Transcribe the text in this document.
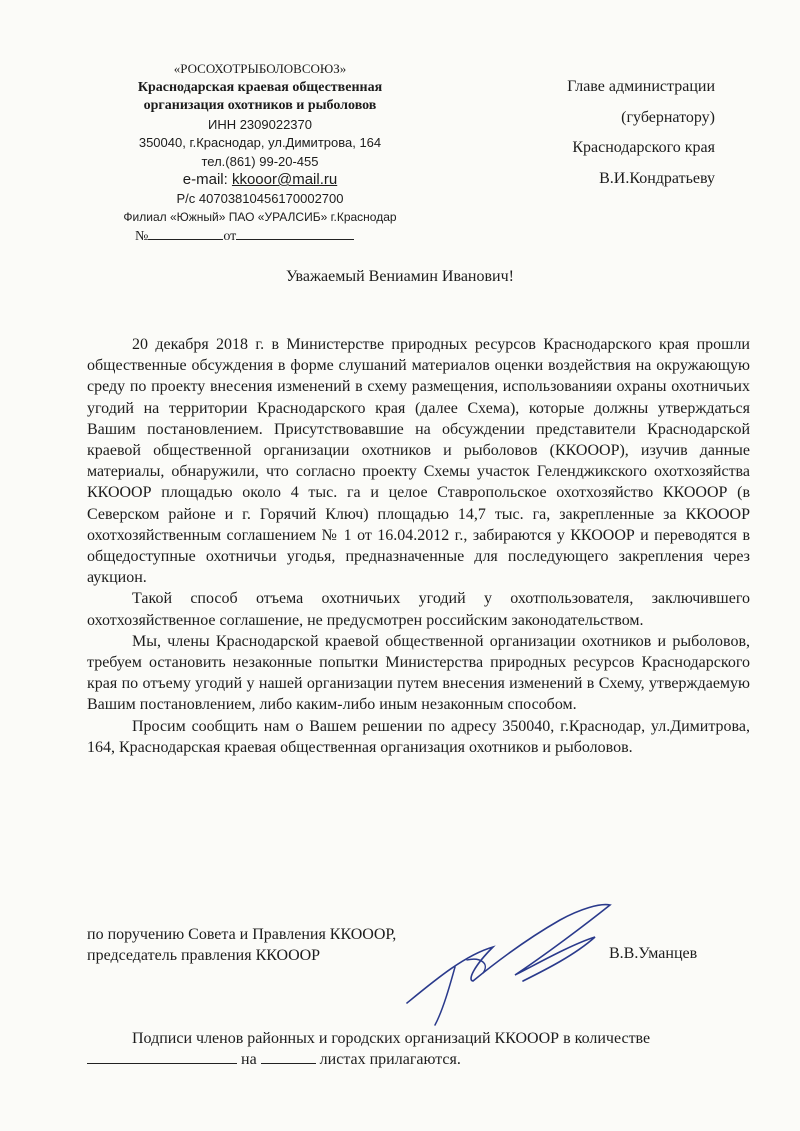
«РОСОХОТРЫБОЛОВСОЮЗ»
Краснодарская краевая общественная
организация охотников и рыболовов
ИНН 2309022370
350040, г.Краснодар, ул.Димитрова, 164
тел.(861) 99-20-455
e-mail: kkooor@mail.ru
Р/с 40703810456170002700
Филиал «Южный» ПАО «УРАЛСИБ» г.Краснодар
№	от
Главе администрации
(губернатору)
Краснодарского края
В.И.Кондратьеву
Уважаемый Вениамин Иванович!

20 декабря 2018 г. в Министерстве природных ресурсов Краснодарского края прошли общественные обсуждения в форме слушаний материалов оценки воздействия на окружающую среду по проекту внесения изменений в схему размещения, использованияи охраны охотничьих угодий на территории Краснодарского края (далее Схема), которые должны утверждаться Вашим постановлением. Присутствовавшие на обсуждении представители Краснодарской краевой общественной организации охотников и рыболовов (ККОООР), изучив данные материалы, обнаружили, что согласно проекту Схемы участок Геленджикского охотхозяйства ККОООР площадью около 4 тыс. га и целое Ставропольское охотхозяйство ККОООР (в Северском районе и г. Горячий Ключ) площадью 14,7 тыс. га, закрепленные за ККОООР охотхозяйственным соглашением № 1 от 16.04.2012 г., забираются у ККОООР и переводятся в общедоступные охотничьи угодья, предназначенные для последующего закрепления через аукцион.

Такой способ отъема охотничьих угодий у охотпользователя, заключившего охотхозяйственное соглашение, не предусмотрен российским законодательством.

Мы, члены Краснодарской краевой общественной организации охотников и рыболовов, требуем остановить незаконные попытки Министерства природных ресурсов Краснодарского края по отъему угодий у нашей организации путем внесения изменений в Схему, утверждаемую Вашим постановлением, либо каким-либо иным незаконным способом.

Просим сообщить нам о Вашем решении по адресу 350040, г.Краснодар, ул.Димитрова, 164, Краснодарская краевая общественная организация охотников и рыболовов.

по поручению Совета и Правления ККОООР,
председатель правления ККОООР	В.В.Уманцев

Подписи членов районных и городских организаций ККОООР в количестве

на	листах прилагаются.
